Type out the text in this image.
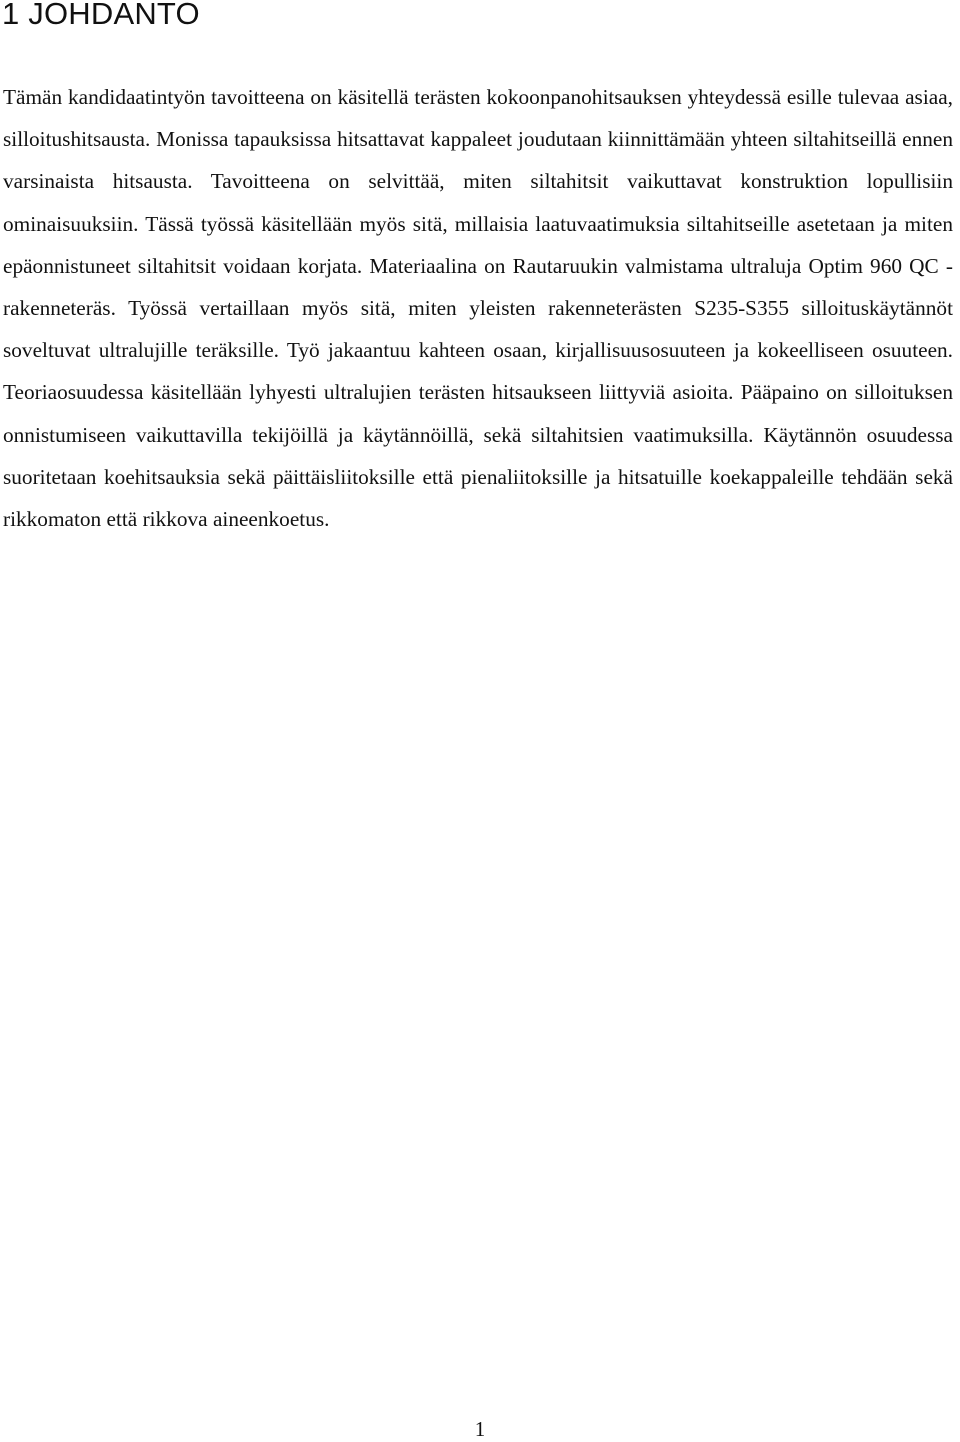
1 JOHDANTO

Tämän kandidaatintyön tavoitteena on käsitellä terästen kokoonpanohitsauksen yhteydessä esille tulevaa asiaa, silloitushitsausta. Monissa tapauksissa hitsattavat kappaleet joudutaan kiinnittämään yhteen siltahitseillä ennen varsinaista hitsausta. Tavoitteena on selvittää, miten siltahitsit vaikuttavat konstruktion lopullisiin ominaisuuksiin. Tässä työssä käsitellään myös sitä, millaisia laatuvaatimuksia siltahitseille asetetaan ja miten epäonnistuneet siltahitsit voidaan korjata. Materiaalina on Rautaruukin valmistama ultraluja Optim 960 QC -rakenneteräs. Työssä vertaillaan myös sitä, miten yleisten rakenneterästen S235-S355 silloituskäytännöt soveltuvat ultralujille teräksille. Työ jakaantuu kahteen osaan, kirjallisuusosuuteen ja kokeelliseen osuuteen. Teoriaosuudessa käsitellään lyhyesti ultralujien terästen hitsaukseen liittyviä asioita. Pääpaino on silloituksen onnistumiseen vaikuttavilla tekijöillä ja käytännöillä, sekä siltahitsien vaatimuksilla. Käytännön osuudessa suoritetaan koehitsauksia sekä päittäisliitoksille että pienaliitoksille ja hitsatuille koekappaleille tehdään sekä rikkomaton että rikkova aineenkoetus.

1
